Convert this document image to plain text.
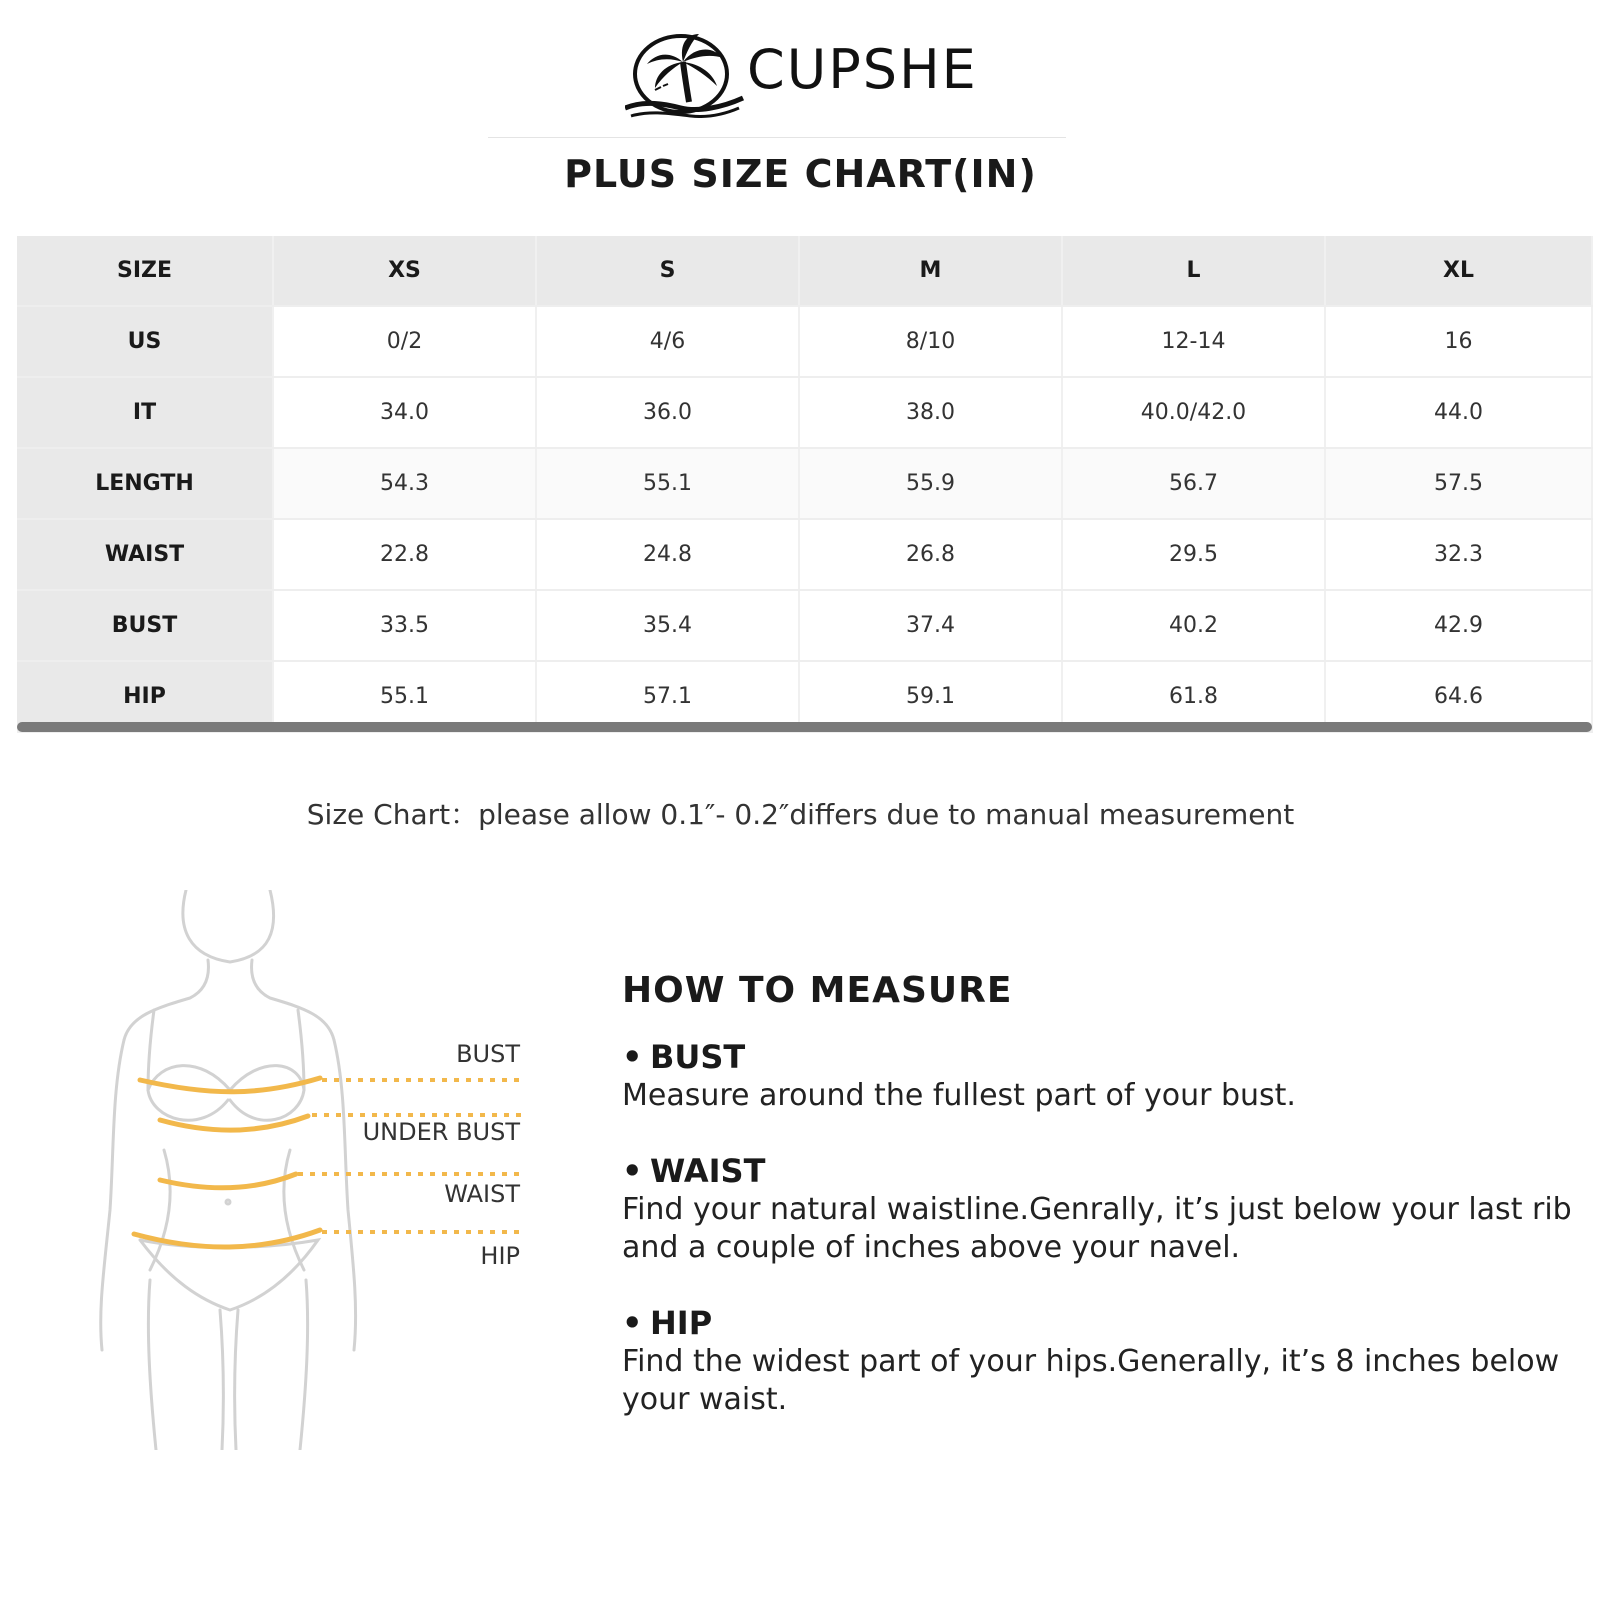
CUPSHE
PLUS SIZE CHART(IN)
SIZE	XS	S	M	L	XL
US	0/2	4/6	8/10	12-14	16
IT	34.0	36.0	38.0	40.0/42.0	44.0
LENGTH	54.3	55.1	55.9	56.7	57.5
WAIST	22.8	24.8	26.8	29.5	32.3
BUST	33.5	35.4	37.4	40.2	42.9
HIP	55.1	57.1	59.1	61.8	64.6
Size Chart：please allow 0.1″- 0.2″differs due to manual measurement
BUST
UNDER BUST
WAIST
HIP
HOW TO MEASURE
• BUST

Measure around the fullest part of your bust.

• WAIST

Find your natural waistline.Genrally, it’s just below your last rib and a couple of inches above your navel.

• HIP

Find the widest part of your hips.Generally, it’s 8 inches below your waist.
